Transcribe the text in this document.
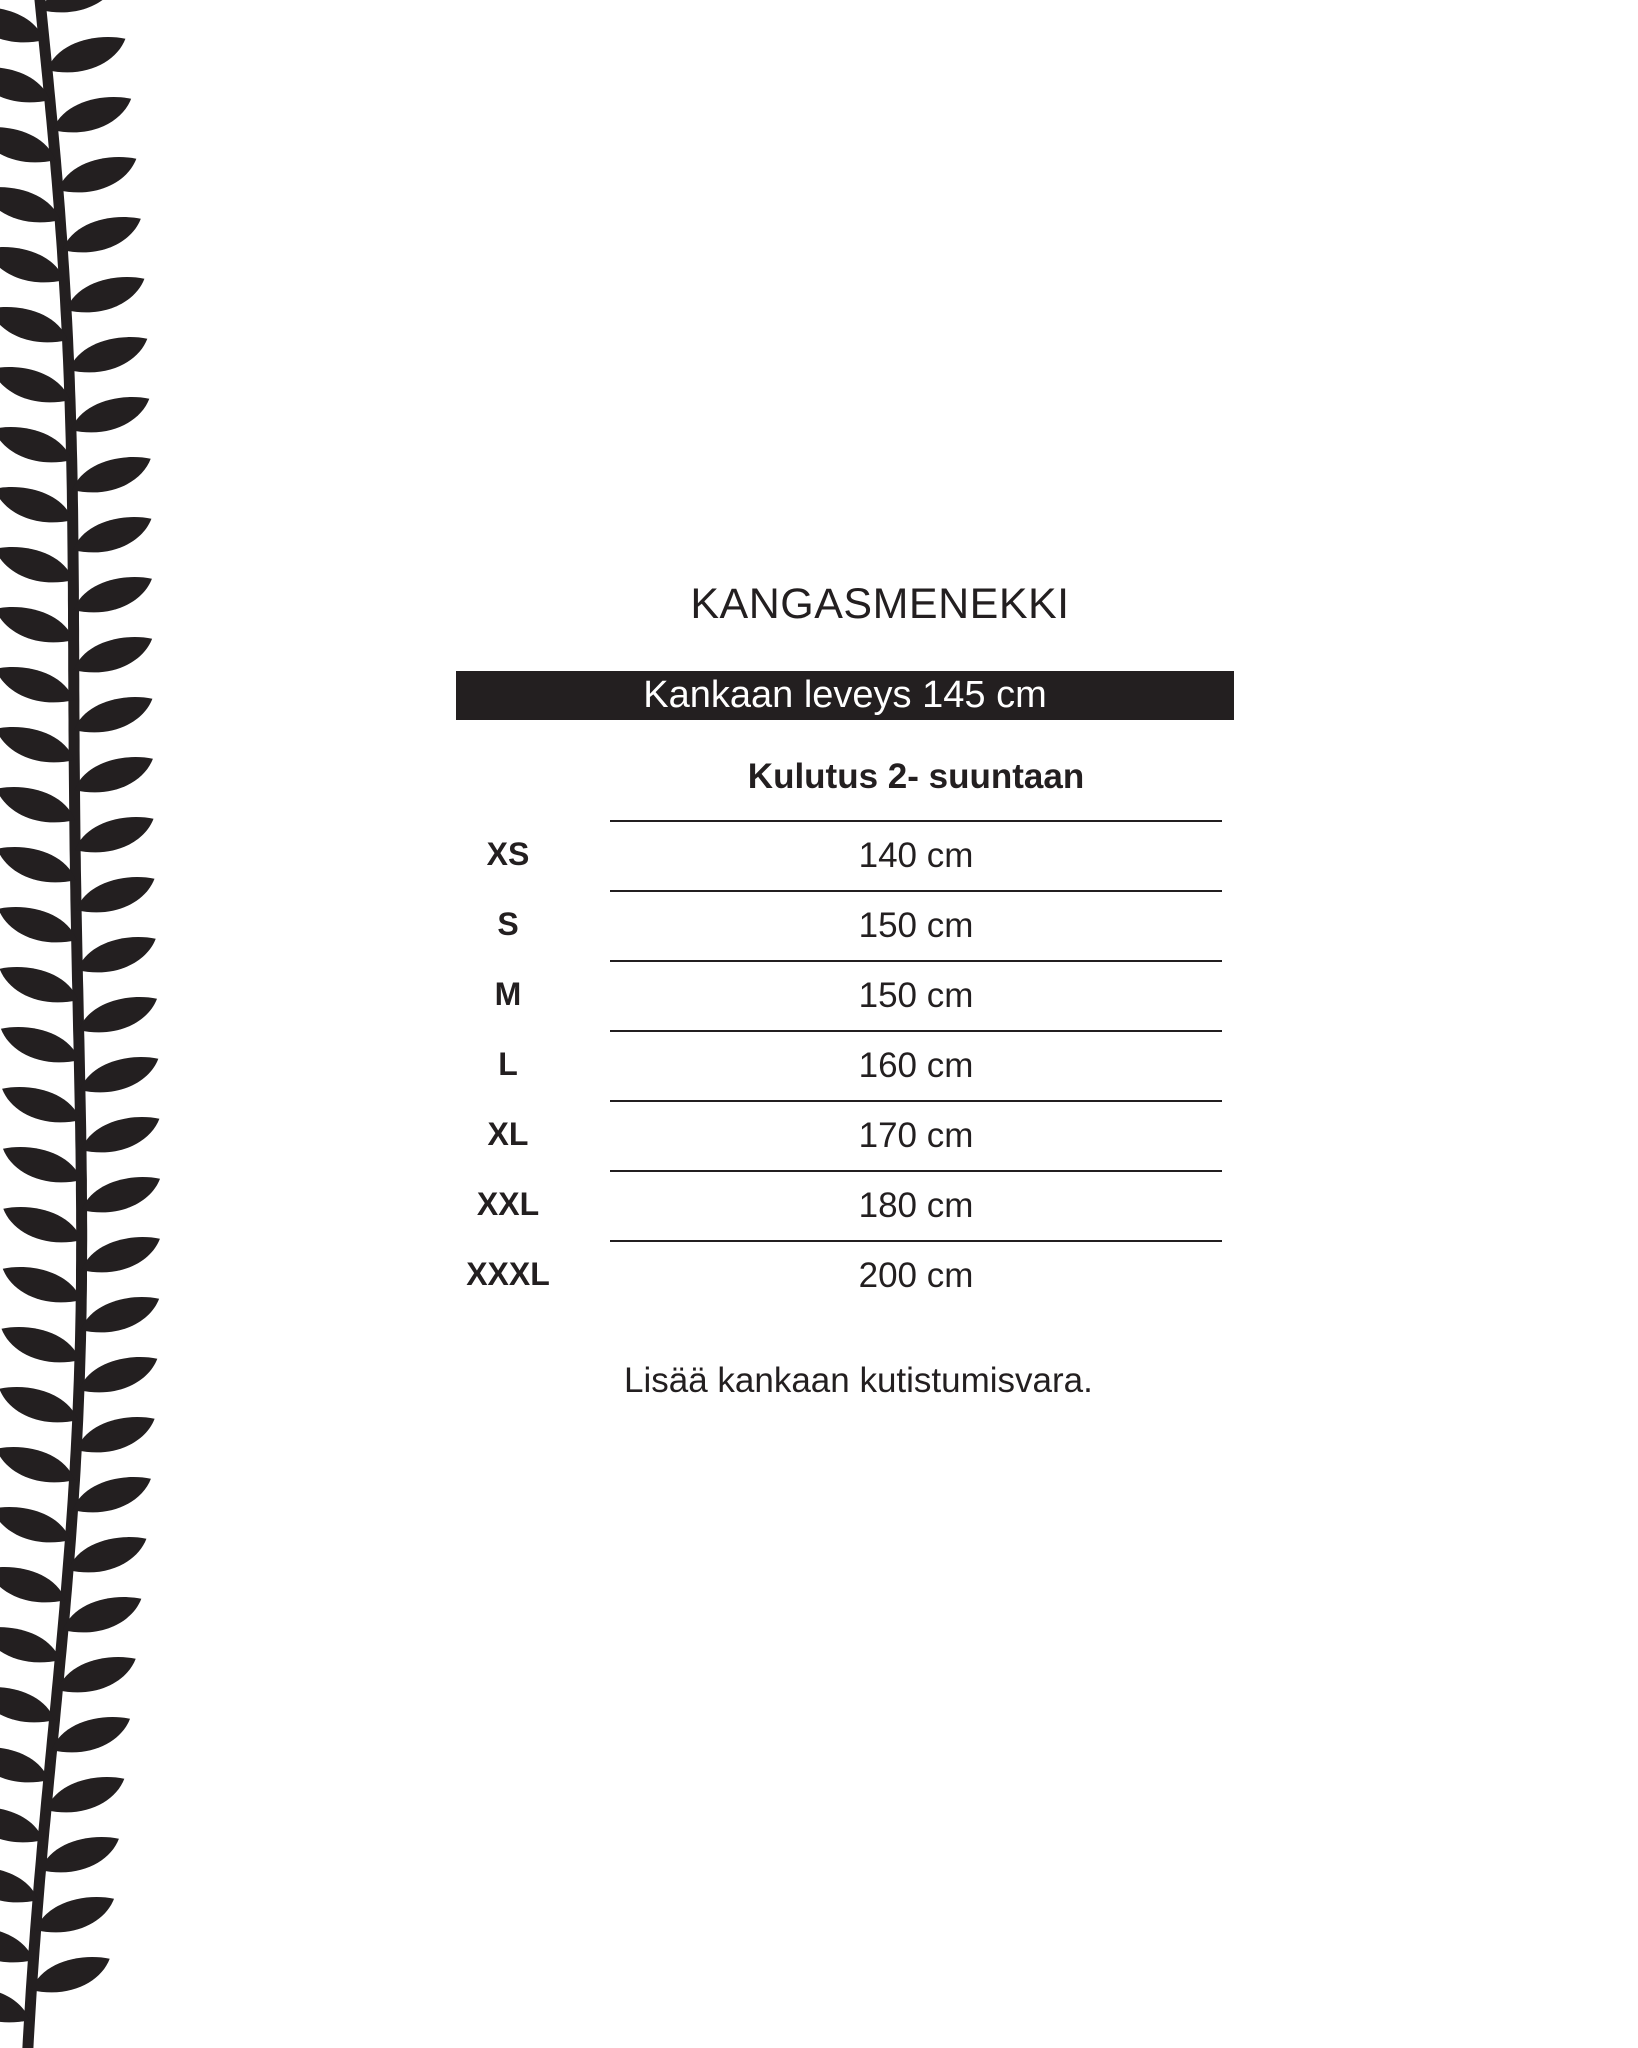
KANGASMENEKKI
Kankaan leveys 145 cm
Kulutus 2- suuntaan
XS	140 cm
S	150 cm
M	150 cm
L	160 cm
XL	170 cm
XXL	180 cm
XXXL	200 cm
Lisää kankaan kutistumisvara.
